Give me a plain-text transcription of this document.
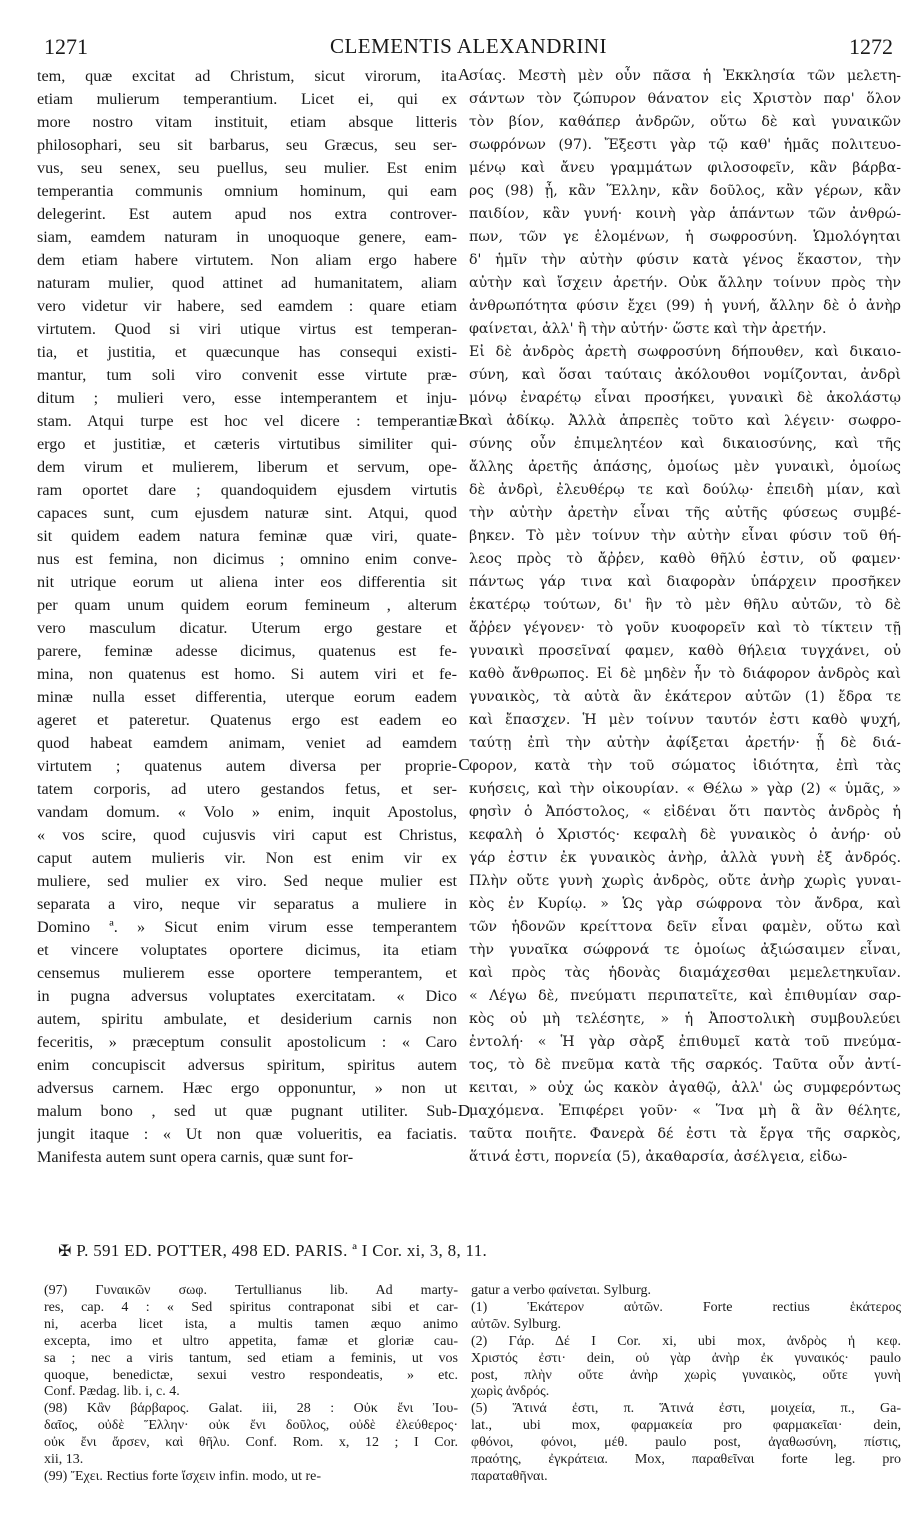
1271	CLEMENTIS ALEXANDRINI	1272
tem, quæ excitat ad Christum, sicut virorum, ita
etiam mulierum temperantium. Licet ei, qui ex
more nostro vitam instituit, etiam absque litteris
philosophari, seu sit barbarus, seu Græcus, seu ser-
vus, seu senex, seu puellus, seu mulier. Est enim
temperantia communis omnium hominum, qui eam
delegerint. Est autem apud nos extra controver-
siam, eamdem naturam in unoquoque genere, eam-
dem etiam habere virtutem. Non aliam ergo habere
naturam mulier, quod attinet ad humanitatem, aliam
vero videtur vir habere, sed eamdem : quare etiam
virtutem. Quod si viri utique virtus est temperan-
tia, et justitia, et quæcunque has consequi existi-
mantur, tum soli viro convenit esse virtute præ-
ditum ; mulieri vero, esse intemperantem et inju-
stam. Atqui turpe est hoc vel dicere : temperantiæ
ergo et justitiæ, et cæteris virtutibus similiter qui-
dem virum et mulierem, liberum et servum, ope-
ram oportet dare ; quandoquidem ejusdem virtutis
capaces sunt, cum ejusdem naturæ sint. Atqui, quod
sit quidem eadem natura feminæ quæ viri, quate-
nus est femina, non dicimus ; omnino enim conve-
nit utrique eorum ut aliena inter eos differentia sit
per quam unum quidem eorum femineum , alterum
vero masculum dicatur. Uterum ergo gestare et
parere, feminæ adesse dicimus, quatenus est fe-
mina, non quatenus est homo. Si autem viri et fe-
minæ nulla esset differentia, uterque eorum eadem
ageret et pateretur. Quatenus ergo est eadem eo
quod habeat eamdem animam, veniet ad eamdem
virtutem ; quatenus autem diversa per proprie-
tatem corporis, ad utero gestandos fetus, et ser-
vandam domum. « Volo » enim, inquit Apostolus,
« vos scire, quod cujusvis viri caput est Christus,
caput autem mulieris vir. Non est enim vir ex
muliere, sed mulier ex viro. Sed neque mulier est
separata a viro, neque vir separatus a muliere in
Domino ª. » Sicut enim virum esse temperantem
et vincere voluptates oportere dicimus, ita etiam
censemus mulierem esse oportere temperantem, et
in pugna adversus voluptates exercitatam. « Dico
autem, spiritu ambulate, et desiderium carnis non
feceritis, » præceptum consulit apostolicum : « Caro
enim concupiscit adversus spiritum, spiritus autem
adversus carnem. Hæc ergo opponuntur, » non ut
malum bono , sed ut quæ pugnant utiliter. Sub-
jungit itaque : « Ut non quæ volueritis, ea faciatis.
Manifesta autem sunt opera carnis, quæ sunt for-
σίας. Μεστὴ μὲν οὖν πᾶσα ἡ Ἐκκλησία τῶν μελετη-
σάντων τὸν ζώπυρον θάνατον εἰς Χριστὸν παρ' ὅλον
τὸν βίον, καθάπερ ἀνδρῶν, οὕτω δὲ καὶ γυναικῶν
σωφρόνων (97). Ἔξεστι γὰρ τῷ καθ' ἡμᾶς πολιτευο-
μένῳ καὶ ἄνευ γραμμάτων φιλοσοφεῖν, κἂν βάρβα-
ρος (98) ᾖ, κἂν Ἕλλην, κἂν δοῦλος, κἂν γέρων, κἂν
παιδίον, κἂν γυνή· κοινὴ γὰρ ἁπάντων τῶν ἀνθρώ-
πων, τῶν γε ἑλομένων, ἡ σωφροσύνη. Ὡμολόγηται
δ' ἡμῖν τὴν αὐτὴν φύσιν κατὰ γένος ἕκαστον, τὴν
αὐτὴν καὶ ἴσχειν ἀρετήν. Οὐκ ἄλλην τοίνυν πρὸς τὴν
ἀνθρωπότητα φύσιν ἔχει (99) ἡ γυνή, ἄλλην δὲ ὁ ἀνὴρ
φαίνεται, ἀλλ' ἢ τὴν αὐτήν· ὥστε καὶ τὴν ἀρετήν.
Εἰ δὲ ἀνδρὸς ἀρετὴ σωφροσύνη δήπουθεν, καὶ δικαιο-
σύνη, καὶ ὅσαι ταύταις ἀκόλουθοι νομίζονται, ἀνδρὶ
μόνῳ ἐναρέτῳ εἶναι προσήκει, γυναικὶ δὲ ἀκολάστῳ
καὶ ἀδίκῳ. Ἀλλὰ ἀπρεπὲς τοῦτο καὶ λέγειν· σωφρο-
σύνης οὖν ἐπιμελητέον καὶ δικαιοσύνης, καὶ τῆς
ἄλλης ἀρετῆς ἁπάσης, ὁμοίως μὲν γυναικὶ, ὁμοίως
δὲ ἀνδρὶ, ἐλευθέρῳ τε καὶ δούλῳ· ἐπειδὴ μίαν, καὶ
τὴν αὐτὴν ἀρετὴν εἶναι τῆς αὐτῆς φύσεως συμβέ-
βηκεν. Τὸ μὲν τοίνυν τὴν αὐτὴν εἶναι φύσιν τοῦ θή-
λεος πρὸς τὸ ἄῤῥεν, καθὸ θῆλύ ἐστιν, οὔ φαμεν·
πάντως γάρ τινα καὶ διαφορὰν ὑπάρχειν προσῆκεν
ἑκατέρῳ τούτων, δι' ἣν τὸ μὲν θῆλυ αὐτῶν, τὸ δὲ
ἄῤῥεν γέγονεν· τὸ γοῦν κυοφορεῖν καὶ τὸ τίκτειν τῇ
γυναικὶ προσεῖναί φαμεν, καθὸ θήλεια τυγχάνει, οὐ
καθὸ ἄνθρωπος. Εἰ δὲ μηδὲν ἦν τὸ διάφορον ἀνδρὸς καὶ
γυναικὸς, τὰ αὐτὰ ἂν ἑκάτερον αὐτῶν (1) ἔδρα τε
καὶ ἔπασχεν. Ἡ μὲν τοίνυν ταυτόν ἐστι καθὸ ψυχή,
ταύτῃ ἐπὶ τὴν αὐτὴν ἀφίξεται ἀρετήν· ᾗ δὲ διά-
φορον, κατὰ τὴν τοῦ σώματος ἰδιότητα, ἐπὶ τὰς
κυήσεις, καὶ τὴν οἰκουρίαν. « Θέλω » γὰρ (2) « ὑμᾶς, »
φησὶν ὁ Ἀπόστολος, « εἰδέναι ὅτι παντὸς ἀνδρὸς ἡ
κεφαλὴ ὁ Χριστός· κεφαλὴ δὲ γυναικὸς ὁ ἀνήρ· οὐ
γάρ ἐστιν ἐκ γυναικὸς ἀνὴρ, ἀλλὰ γυνὴ ἐξ ἀνδρός.
Πλὴν οὔτε γυνὴ χωρὶς ἀνδρὸς, οὔτε ἀνὴρ χωρὶς γυναι-
κὸς ἐν Κυρίῳ. » Ὡς γὰρ σώφρονα τὸν ἄνδρα, καὶ
τῶν ἡδονῶν κρείττονα δεῖν εἶναι φαμὲν, οὕτω καὶ
τὴν γυναῖκα σώφρονά τε ὁμοίως ἀξιώσαιμεν εἶναι,
καὶ πρὸς τὰς ἡδονὰς διαμάχεσθαι μεμελετηκυῖαν.
« Λέγω δὲ, πνεύματι περιπατεῖτε, καὶ ἐπιθυμίαν σαρ-
κὸς οὐ μὴ τελέσητε, » ἡ Ἀποστολικὴ συμβουλεύει
ἐντολή· « Ἡ γὰρ σὰρξ ἐπιθυμεῖ κατὰ τοῦ πνεύμα-
τος, τὸ δὲ πνεῦμα κατὰ τῆς σαρκός. Ταῦτα οὖν ἀντί-
κειται, » οὐχ ὡς κακὸν ἀγαθῷ, ἀλλ' ὡς συμφερόντως
μαχόμενα. Ἐπιφέρει γοῦν· « Ἵνα μὴ ἃ ἂν θέλητε,
ταῦτα ποιῆτε. Φανερὰ δέ ἐστι τὰ ἔργα τῆς σαρκὸς,
ἅτινά ἐστι, πορνεία (5), ἀκαθαρσία, ἀσέλγεια, εἰδω-
A
B
C
D
✠ P. 591 ED. POTTER, 498 ED. PARIS. ª I Cor. xi, 3, 8, 11.
(97) Γυναικῶν σωφ. Tertullianus lib. Ad marty-
res, cap. 4 : « Sed spiritus contraponat sibi et car-
ni, acerba licet ista, a multis tamen æquo animo
excepta, imo et ultro appetita, famæ et gloriæ cau-
sa ; nec a viris tantum, sed etiam a feminis, ut vos
quoque, benedictæ, sexui vestro respondeatis, » etc.
Conf. Pædag. lib. i, c. 4.
(98) Κἂν βάρβαρος. Galat. iii, 28 : Οὐκ ἔνι Ἰου-
δαῖος, οὐδὲ Ἕλλην· οὐκ ἔνι δοῦλος, οὐδὲ ἐλεύθερος·
οὐκ ἔνι ἄρσεν, καὶ θῆλυ. Conf. Rom. x, 12 ; I Cor.
xii, 13.
(99) Ἔχει. Rectius forte ἴσχειν infin. modo, ut re-
gatur a verbo φαίνεται. Sylburg.
(1) Ἑκάτερον αὐτῶν. Forte rectius ἑκάτερος
αὐτῶν. Sylburg.
(2) Γάρ. Δέ I Cor. xi, ubi mox, ἀνδρὸς ἡ κεφ.
Χριστός ἐστι· dein, οὐ γὰρ ἀνὴρ ἐκ γυναικός· paulo
post, πλὴν οὔτε ἀνὴρ χωρὶς γυναικὸς, οὔτε γυνὴ
χωρὶς ἀνδρός.
(5) Ἅτινά ἐστι, π. Ἅτινά ἐστι, μοιχεία, π., Ga-
lat., ubi mox, φαρμακεία pro φαρμακεῖαι· dein,
φθόνοι, φόνοι, μέθ. paulo post, ἀγαθωσύνη, πίστις,
πραότης, ἐγκράτεια. Mox, παραθεῖναι forte leg. pro
παραταθῆναι.
